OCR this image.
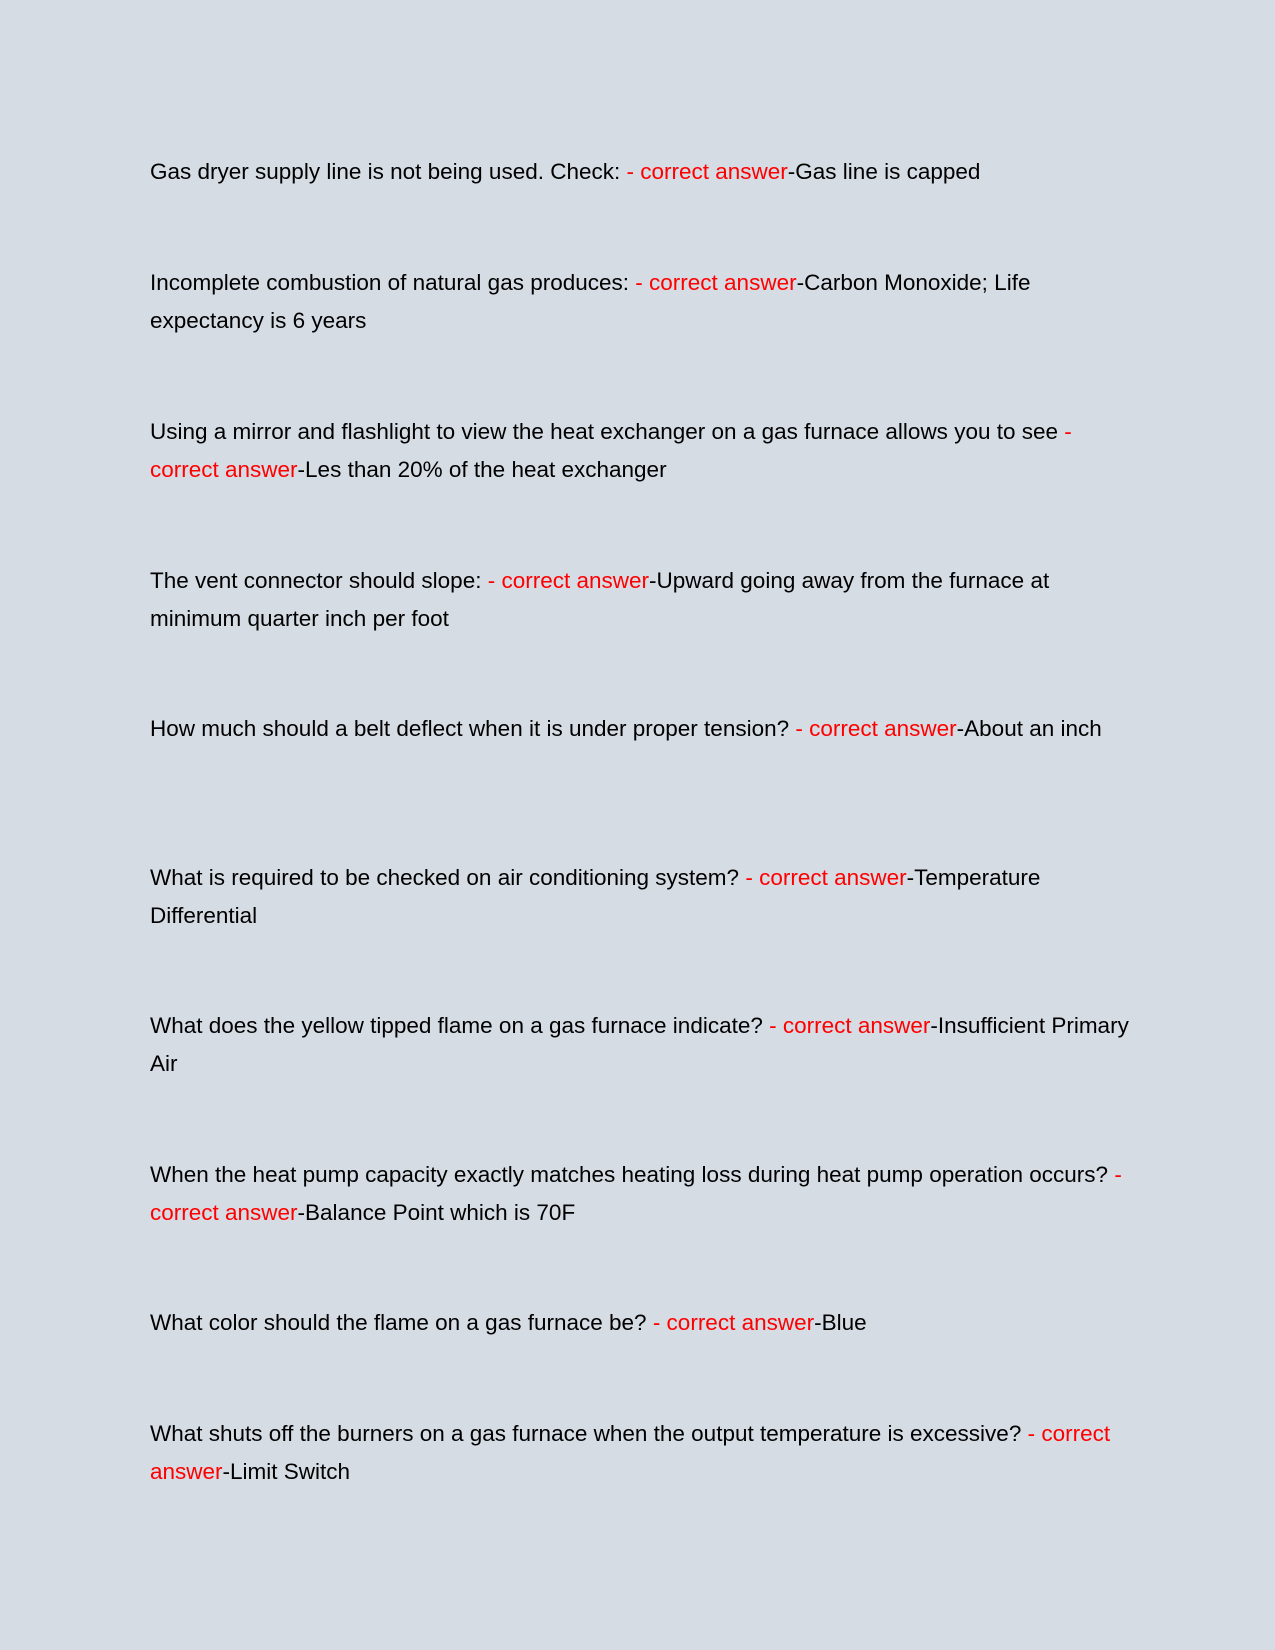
Gas dryer supply line is not being used. Check: - correct answer-Gas line is capped

Incomplete combustion of natural gas produces: - correct answer-Carbon Monoxide; Life expectancy is 6 years

Using a mirror and flashlight to view the heat exchanger on a gas furnace allows you to see - correct answer-Les than 20% of the heat exchanger

The vent connector should slope: - correct answer-Upward going away from the furnace at minimum quarter inch per foot

How much should a belt deflect when it is under proper tension? - correct answer-About an inch

What is required to be checked on air conditioning system? - correct answer-Temperature Differential

What does the yellow tipped flame on a gas furnace indicate? - correct answer-Insufficient Primary Air

When the heat pump capacity exactly matches heating loss during heat pump operation occurs? - correct answer-Balance Point which is 70F

What color should the flame on a gas furnace be? - correct answer-Blue

What shuts off the burners on a gas furnace when the output temperature is excessive? - correct answer-Limit Switch
